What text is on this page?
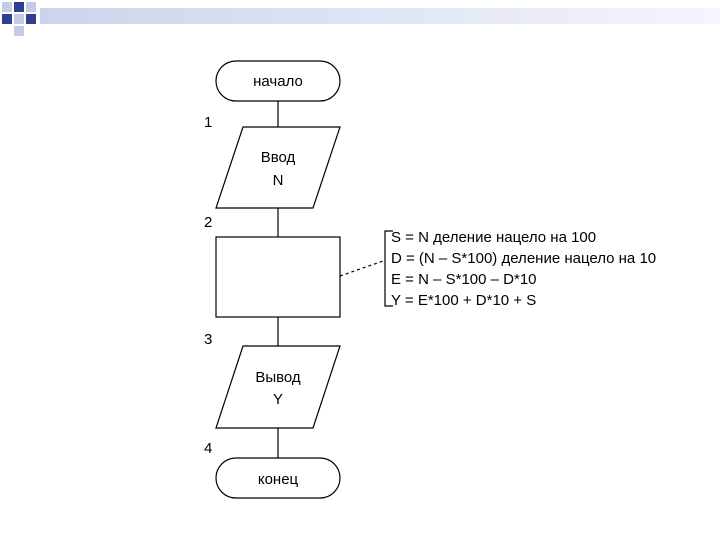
начало
1
2
3
4
Ввод
N
S = N деление нацело на 100
D = (N – S*100) деление нацело на 10
E = N – S*100 – D*10
Y = E*100 + D*10 + S
Вывод
Y
конец
